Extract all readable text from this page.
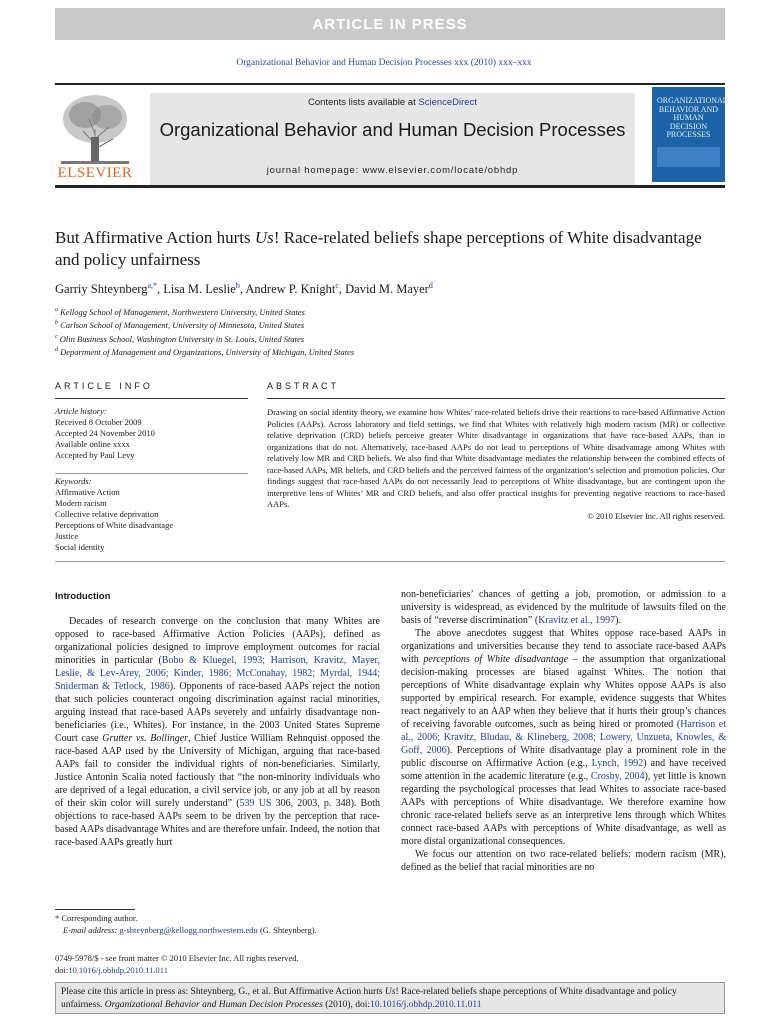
ARTICLE IN PRESS
Organizational Behavior and Human Decision Processes xxx (2010) xxx–xxx
ELSEVIER
Contents lists available at ScienceDirect
Organizational Behavior and Human Decision Processes
journal homepage: www.elsevier.com/locate/obhdp
ORGANIZATIONAL BEHAVIOR AND HUMAN DECISION PROCESSES
But Affirmative Action hurts Us! Race-related beliefs shape perceptions of White disadvantage and policy unfairness
Garriy Shteynberg$^{a,*}$, Lisa M. Leslie$^b$, Andrew P. Knight$^c$, David M. Mayer$^d$
$^a$ Kellogg School of Management, Northwestern University, United States
$^b$ Carlson School of Management, University of Minnesota, United States
$^c$ Olin Business School, Washington University in St. Louis, United States
$^d$ Department of Management and Organizations, University of Michigan, United States
ARTICLE INFO	ABSTRACT
Article history:
Received 8 October 2009
Accepted 24 November 2010
Available online xxxx
Accepted by Paul Levy
Keywords:
Affirmative Action
Modern racism
Collective relative deprivation
Perceptions of White disadvantage
Justice
Social identity
Drawing on social identity theory, we examine how Whites’ race-related beliefs drive their reactions to race-based Affirmative Action Policies (AAPs). Across laboratory and field settings, we find that Whites with relatively high modern racism (MR) or collective relative deprivation (CRD) beliefs perceive greater White disadvantage in organizations that have race-based AAPs, than in organizations that do not. Alternatively, race-based AAPs do not lead to perceptions of White disadvantage among Whites with relatively low MR and CRD beliefs. We also find that White disadvantage mediates the relationship between the combined effects of race-based AAPs, MR beliefs, and CRD beliefs and the perceived fairness of the organization’s selection and promotion policies. Our findings suggest that race-based AAPs do not necessarily lead to perceptions of White disadvantage, but are contingent upon the interpretive lens of Whites’ MR and CRD beliefs, and also offer practical insights for preventing negative reactions to race-based AAPs.
© 2010 Elsevier Inc. All rights reserved.
Introduction

Decades of research converge on the conclusion that many Whites are opposed to race-based Affirmative Action Policies (AAPs), defined as organizational policies designed to improve employment outcomes for racial minorities in particular (Bobo & Kluegel, 1993; Harrison, Kravitz, Mayer, Leslie, & Lev-Arey, 2006; Kinder, 1986; McConahay, 1982; Myrdal, 1944; Sniderman & Tetlock, 1986). Opponents of race-based AAPs reject the notion that such policies counteract ongoing discrimination against racial minorities, arguing instead that race-based AAPs severely and unfairly disadvantage non-beneficiaries (i.e., Whites). For instance, in the 2003 United States Supreme Court case Grutter vs. Bollinger, Chief Justice William Rehnquist opposed the race-based AAP used by the University of Michigan, arguing that race-based AAPs fail to consider the individual rights of non-beneficiaries. Similarly, Justice Antonin Scalia noted factiously that “the non-minority individuals who are deprived of a legal education, a civil service job, or any job at all by reason of their skin color will surely understand” (539 US 306, 2003, p. 348). Both objections to race-based AAPs seem to be driven by the perception that race-based AAPs disadvantage Whites and are therefore unfair. Indeed, the notion that race-based AAPs greatly hurt

non-beneficiaries’ chances of getting a job, promotion, or admission to a university is widespread, as evidenced by the multitude of lawsuits filed on the basis of “reverse discrimination” (Kravitz et al., 1997).

The above anecdotes suggest that Whites oppose race-based AAPs in organizations and universities because they tend to associate race-based AAPs with perceptions of White disadvantage – the assumption that organizational decision-making processes are biased against Whites. The notion that perceptions of White disadvantage explain why Whites oppose AAPs is also supported by empirical research. For example, evidence suggests that Whites react negatively to an AAP when they believe that it hurts their group’s chances of receiving favorable outcomes, such as being hired or promoted (Harrison et al., 2006; Kravitz, Bludau, & Klineberg, 2008; Lowery, Unzueta, Knowles, & Goff, 2006). Perceptions of White disadvantage play a prominent role in the public discourse on Affirmative Action (e.g., Lynch, 1992) and have received some attention in the academic literature (e.g., Crosby, 2004), yet little is known regarding the psychological processes that lead Whites to associate race-based AAPs with perceptions of White disadvantage. We therefore examine how chronic race-related beliefs serve as an interpretive lens through which Whites connect race-based AAPs with perceptions of White disadvantage, as well as more distal organizational consequences.

We focus our attention on two race-related beliefs: modern racism (MR), defined as the belief that racial minorities are no

* Corresponding author.
E-mail address: g-shteynberg@kellogg.northwestern.edu (G. Shteynberg).
0749-5978/$ - see front matter © 2010 Elsevier Inc. All rights reserved.
doi:10.1016/j.obhdp.2010.11.011
Please cite this article in press as: Shteynberg, G., et al. But Affirmative Action hurts Us! Race-related beliefs shape perceptions of White disadvantage and policy unfairness. Organizational Behavior and Human Decision Processes (2010), doi:10.1016/j.obhdp.2010.11.011
